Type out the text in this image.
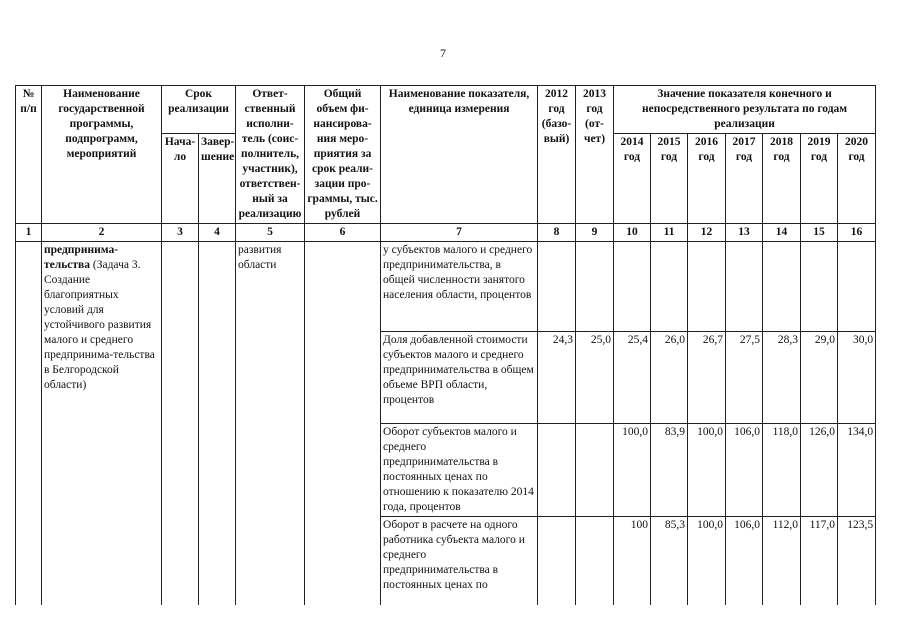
7
№ п/п	Наименование государственной программы, подпрограмм, мероприятий	Срок реализации		Ответ-ственный исполни-тель (соис-полнитель, участник), ответствен-ный за реализацию	Общий объем фи-нансирова-ния меро-приятия за срок реали-зации про-граммы, тыс. рублей	Наименование показателя, единица измерения	2012 год (базо-вый)	2013 год (от-чет)	Значение показателя конечного и непосредственного результата по годам реализации						
		Нача-ло	Завер-шение						2014 год	2015 год	2016 год	2017 год	2018 год	2019 год	2020 год
1	2	3	4	5	6	7	8	9	10	11	12	13	14	15	16
	предпринима-тельства (Задача 3. Создание благоприятных условий для устойчивого развития малого и среднего предпринима-тельства в Белгородской области)			развития области		у субъектов малого и среднего предпринимательства, в общей численности занятого населения области, процентов									
						Доля добавленной стоимости субъектов малого и среднего предпринимательства в общем объеме ВРП области, процентов	24,3	25,0	25,4	26,0	26,7	27,5	28,3	29,0	30,0
						Оборот субъектов малого и среднего предпринимательства в постоянных ценах по отношению к показателю 2014 года, процентов			100,0	83,9	100,0	106,0	118,0	126,0	134,0
						Оборот в расчете на одного работника субъекта малого и среднего предпринимательства в постоянных ценах по			100	85,3	100,0	106,0	112,0	117,0	123,5
